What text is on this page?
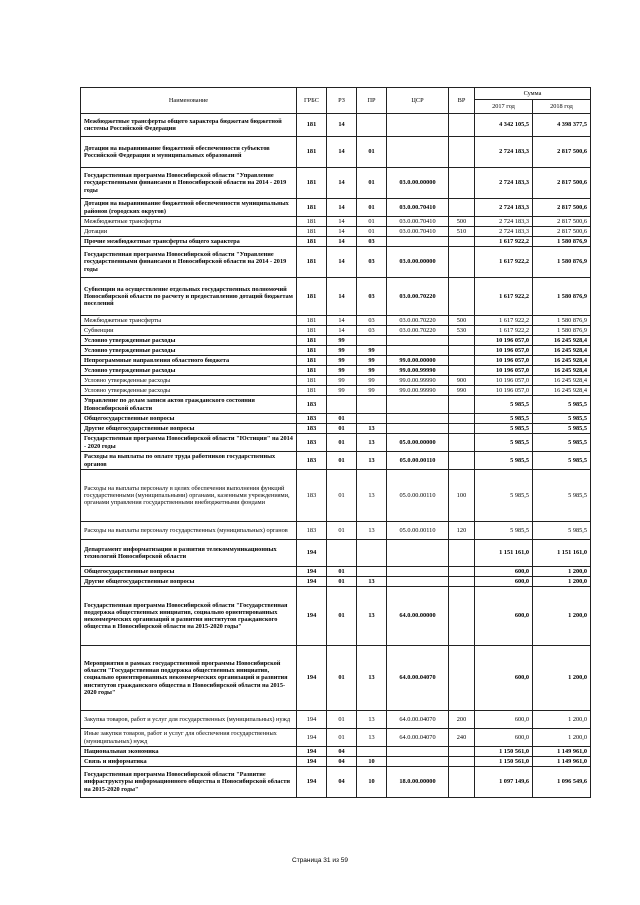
Наименование	ГРБС	РЗ	ПР	ЦСР	ВР	Сумма	
						2017 год	2018 год
Межбюджетные трансферты общего характера бюджетам бюджетной системы Российской Федерации	181	14				4 342 105,5	4 398 377,5
Дотации на выравнивание бюджетной обеспеченности субъектов Российской Федерации и муниципальных образований	181	14	01			2 724 183,3	2 817 500,6
Государственная программа Новосибирской области "Управление государственными финансами в Новосибирской области на 2014 - 2019 годы	181	14	01	03.0.00.00000		2 724 183,3	2 817 500,6
Дотации на выравнивание бюджетной обеспеченности муниципальных районов (городских округов)	181	14	01	03.0.00.70410		2 724 183,3	2 817 500,6
Межбюджетные трансферты	181	14	01	03.0.00.70410	500	2 724 183,3	2 817 500,6
Дотации	181	14	01	03.0.00.70410	510	2 724 183,3	2 817 500,6
Прочие межбюджетные трансферты общего характера	181	14	03			1 617 922,2	1 580 876,9
Государственная программа Новосибирской области "Управление государственными финансами в Новосибирской области на 2014 - 2019 годы	181	14	03	03.0.00.00000		1 617 922,2	1 580 876,9
Субвенции на осуществление отдельных государственных полномочий Новосибирской области по расчету и предоставлению дотаций бюджетам поселений	181	14	03	03.0.00.70220		1 617 922,2	1 580 876,9
Межбюджетные трансферты	181	14	03	03.0.00.70220	500	1 617 922,2	1 580 876,9
Субвенции	181	14	03	03.0.00.70220	530	1 617 922,2	1 580 876,9
Условно утвержденные расходы	181	99				10 196 057,0	16 245 928,4
Условно утвержденные расходы	181	99	99			10 196 057,0	16 245 928,4
Непрограммные направления областного бюджета	181	99	99	99.0.00.00000		10 196 057,0	16 245 928,4
Условно утвержденные расходы	181	99	99	99.0.00.99990		10 196 057,0	16 245 928,4
Условно утвержденные расходы	181	99	99	99.0.00.99990	900	10 196 057,0	16 245 928,4
Условно утвержденные расходы	181	99	99	99.0.00.99990	990	10 196 057,0	16 245 928,4
Управление по делам записи актов гражданского состояния Новосибирской области	183					5 985,5	5 985,5
Общегосударственные вопросы	183	01				5 985,5	5 985,5
Другие общегосударственные вопросы	183	01	13			5 985,5	5 985,5
Государственная программа Новосибирской области "Юстиция" на 2014 - 2020 годы	183	01	13	05.0.00.00000		5 985,5	5 985,5
Расходы на выплаты по оплате труда работников государственных органов	183	01	13	05.0.00.00110		5 985,5	5 985,5
Расходы на выплаты персоналу в целях обеспечения выполнения функций государственными (муниципальными) органами, казенными учреждениями, органами управления государственными внебюджетными фондами	183	01	13	05.0.00.00110	100	5 985,5	5 985,5
Расходы на выплаты персоналу государственных (муниципальных) органов	183	01	13	05.0.00.00110	120	5 985,5	5 985,5
Департамент информатизации и развития телекоммуникационных технологий Новосибирской области	194					1 151 161,0	1 151 161,0
Общегосударственные вопросы	194	01				600,0	1 200,0
Другие общегосударственные вопросы	194	01	13			600,0	1 200,0
Государственная программа Новосибирской области "Государственная поддержка общественных инициатив, социально ориентированных некоммерческих организаций и развития институтов гражданского общества в Новосибирской области на 2015-2020 годы"	194	01	13	64.0.00.00000		600,0	1 200,0
Мероприятия в рамках государственной программы Новосибирской области "Государственная поддержка общественных инициатив, социально ориентированных некоммерческих организаций и развития институтов гражданского общества в Новосибирской области на 2015-2020 годы"	194	01	13	64.0.00.04070		600,0	1 200,0
Закупка товаров, работ и услуг для государственных (муниципальных) нужд	194	01	13	64.0.00.04070	200	600,0	1 200,0
Иные закупки товаров, работ и услуг для обеспечения государственных (муниципальных) нужд	194	01	13	64.0.00.04070	240	600,0	1 200,0
Национальная экономика	194	04				1 150 561,0	1 149 961,0
Связь и информатика	194	04	10			1 150 561,0	1 149 961,0
Государственная программа Новосибирской области "Развитие инфраструктуры информационного общества в Новосибирской области на 2015-2020 годы"	194	04	10	18.0.00.00000		1 097 149,6	1 096 549,6
Страница 31 из 59
